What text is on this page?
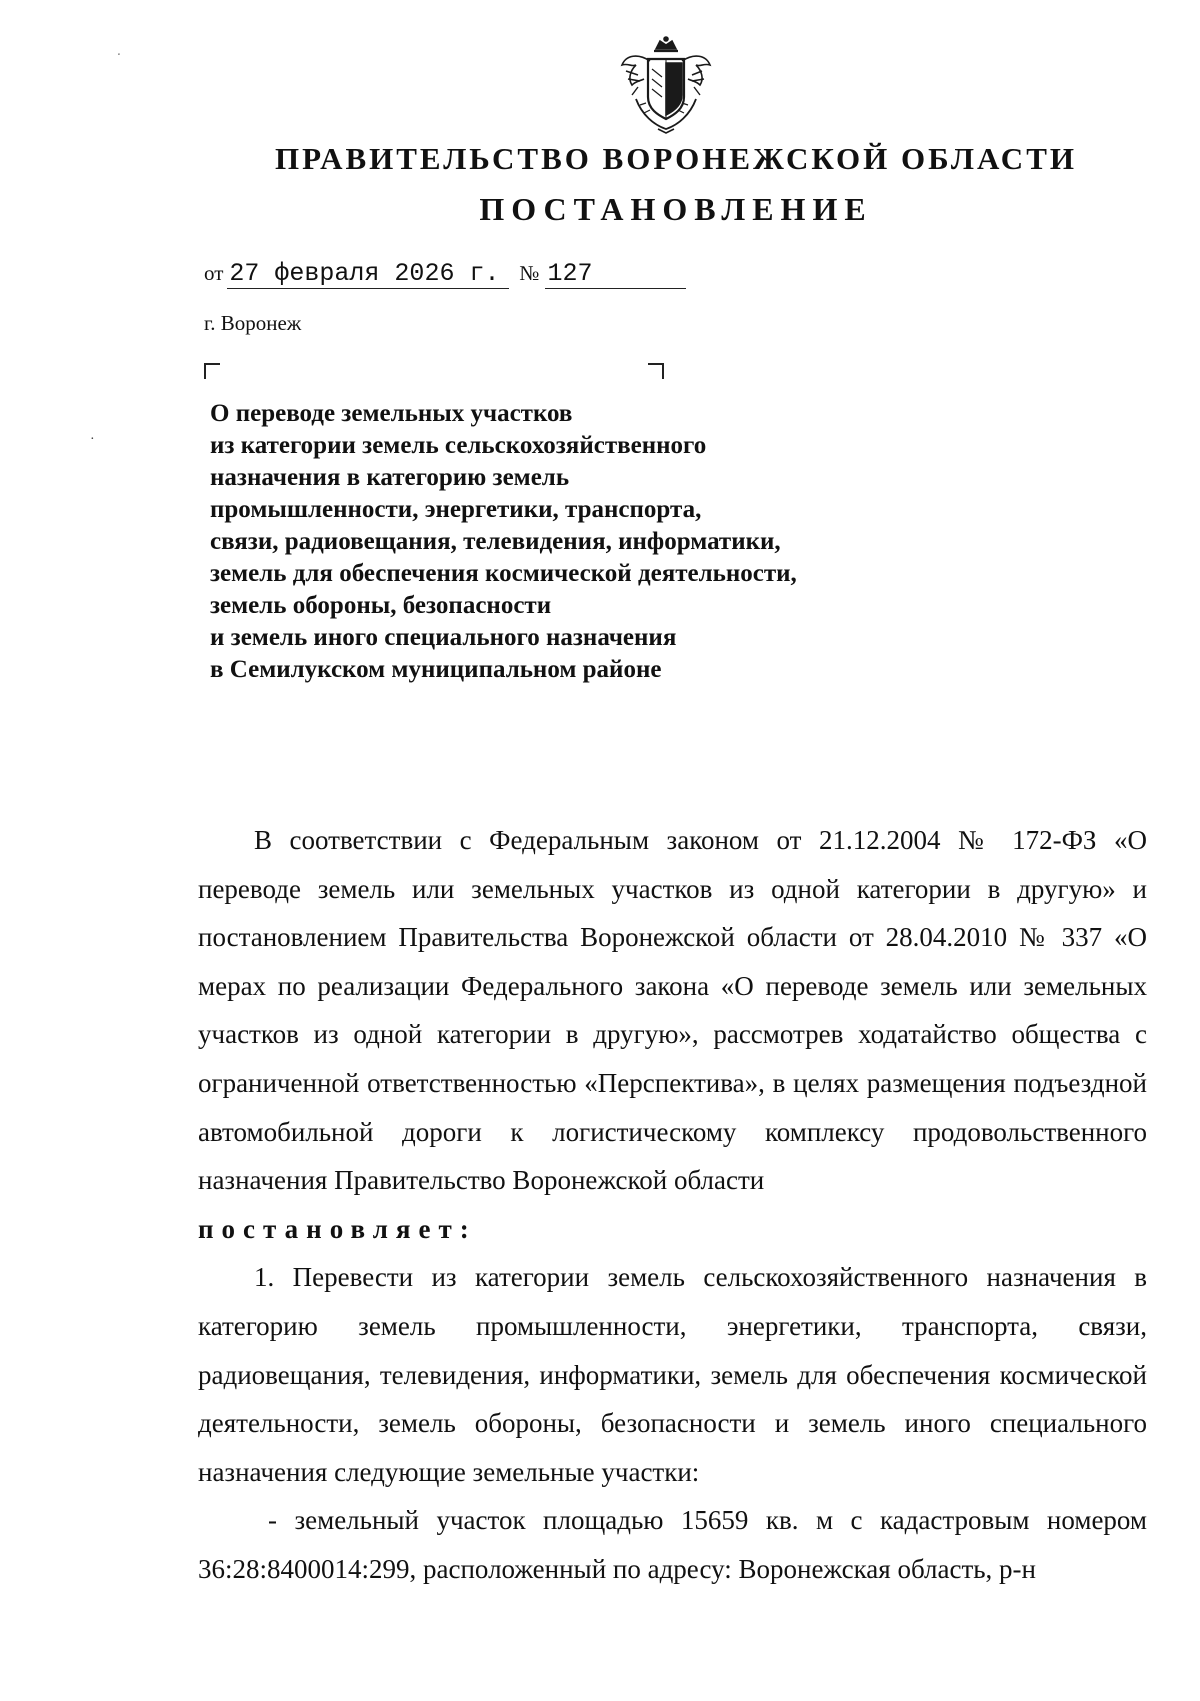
ˑ
·
ПРАВИТЕЛЬСТВО ВОРОНЕЖСКОЙ ОБЛАСТИ
ПОСТАНОВЛЕНИЕ
от 27 февраля 2026 г. № 127
г. Воронеж
О переводе земельных участков
из категории земель сельскохозяйственного
назначения в категорию земель
промышленности, энергетики, транспорта,
связи, радиовещания, телевидения, информатики,
земель для обеспечения космической деятельности,
земель обороны, безопасности
и земель иного специального назначения
в Семилукском муниципальном районе

В соответствии с Федеральным законом от 21.12.2004 № 172-ФЗ «О переводе земель или земельных участков из одной категории в другую» и постановлением Правительства Воронежской области от 28.04.2010 № 337 «О мерах по реализации Федерального закона «О переводе земель или земельных участков из одной категории в другую», рассмотрев ходатайство общества с ограниченной ответственностью «Перспектива», в целях размещения подъездной автомобильной дороги к логистическому комплексу продовольственного назначения Правительство Воронежской области

постановляет:

1. Перевести из категории земель сельскохозяйственного назначения в категорию земель промышленности, энергетики, транспорта, связи, радиовещания, телевидения, информатики, земель для обеспечения космической деятельности, земель обороны, безопасности и земель иного специального назначения следующие земельные участки:

- земельный участок площадью 15659 кв. м с кадастровым номером 36:28:8400014:299, расположенный по адресу: Воронежская область, р-н
